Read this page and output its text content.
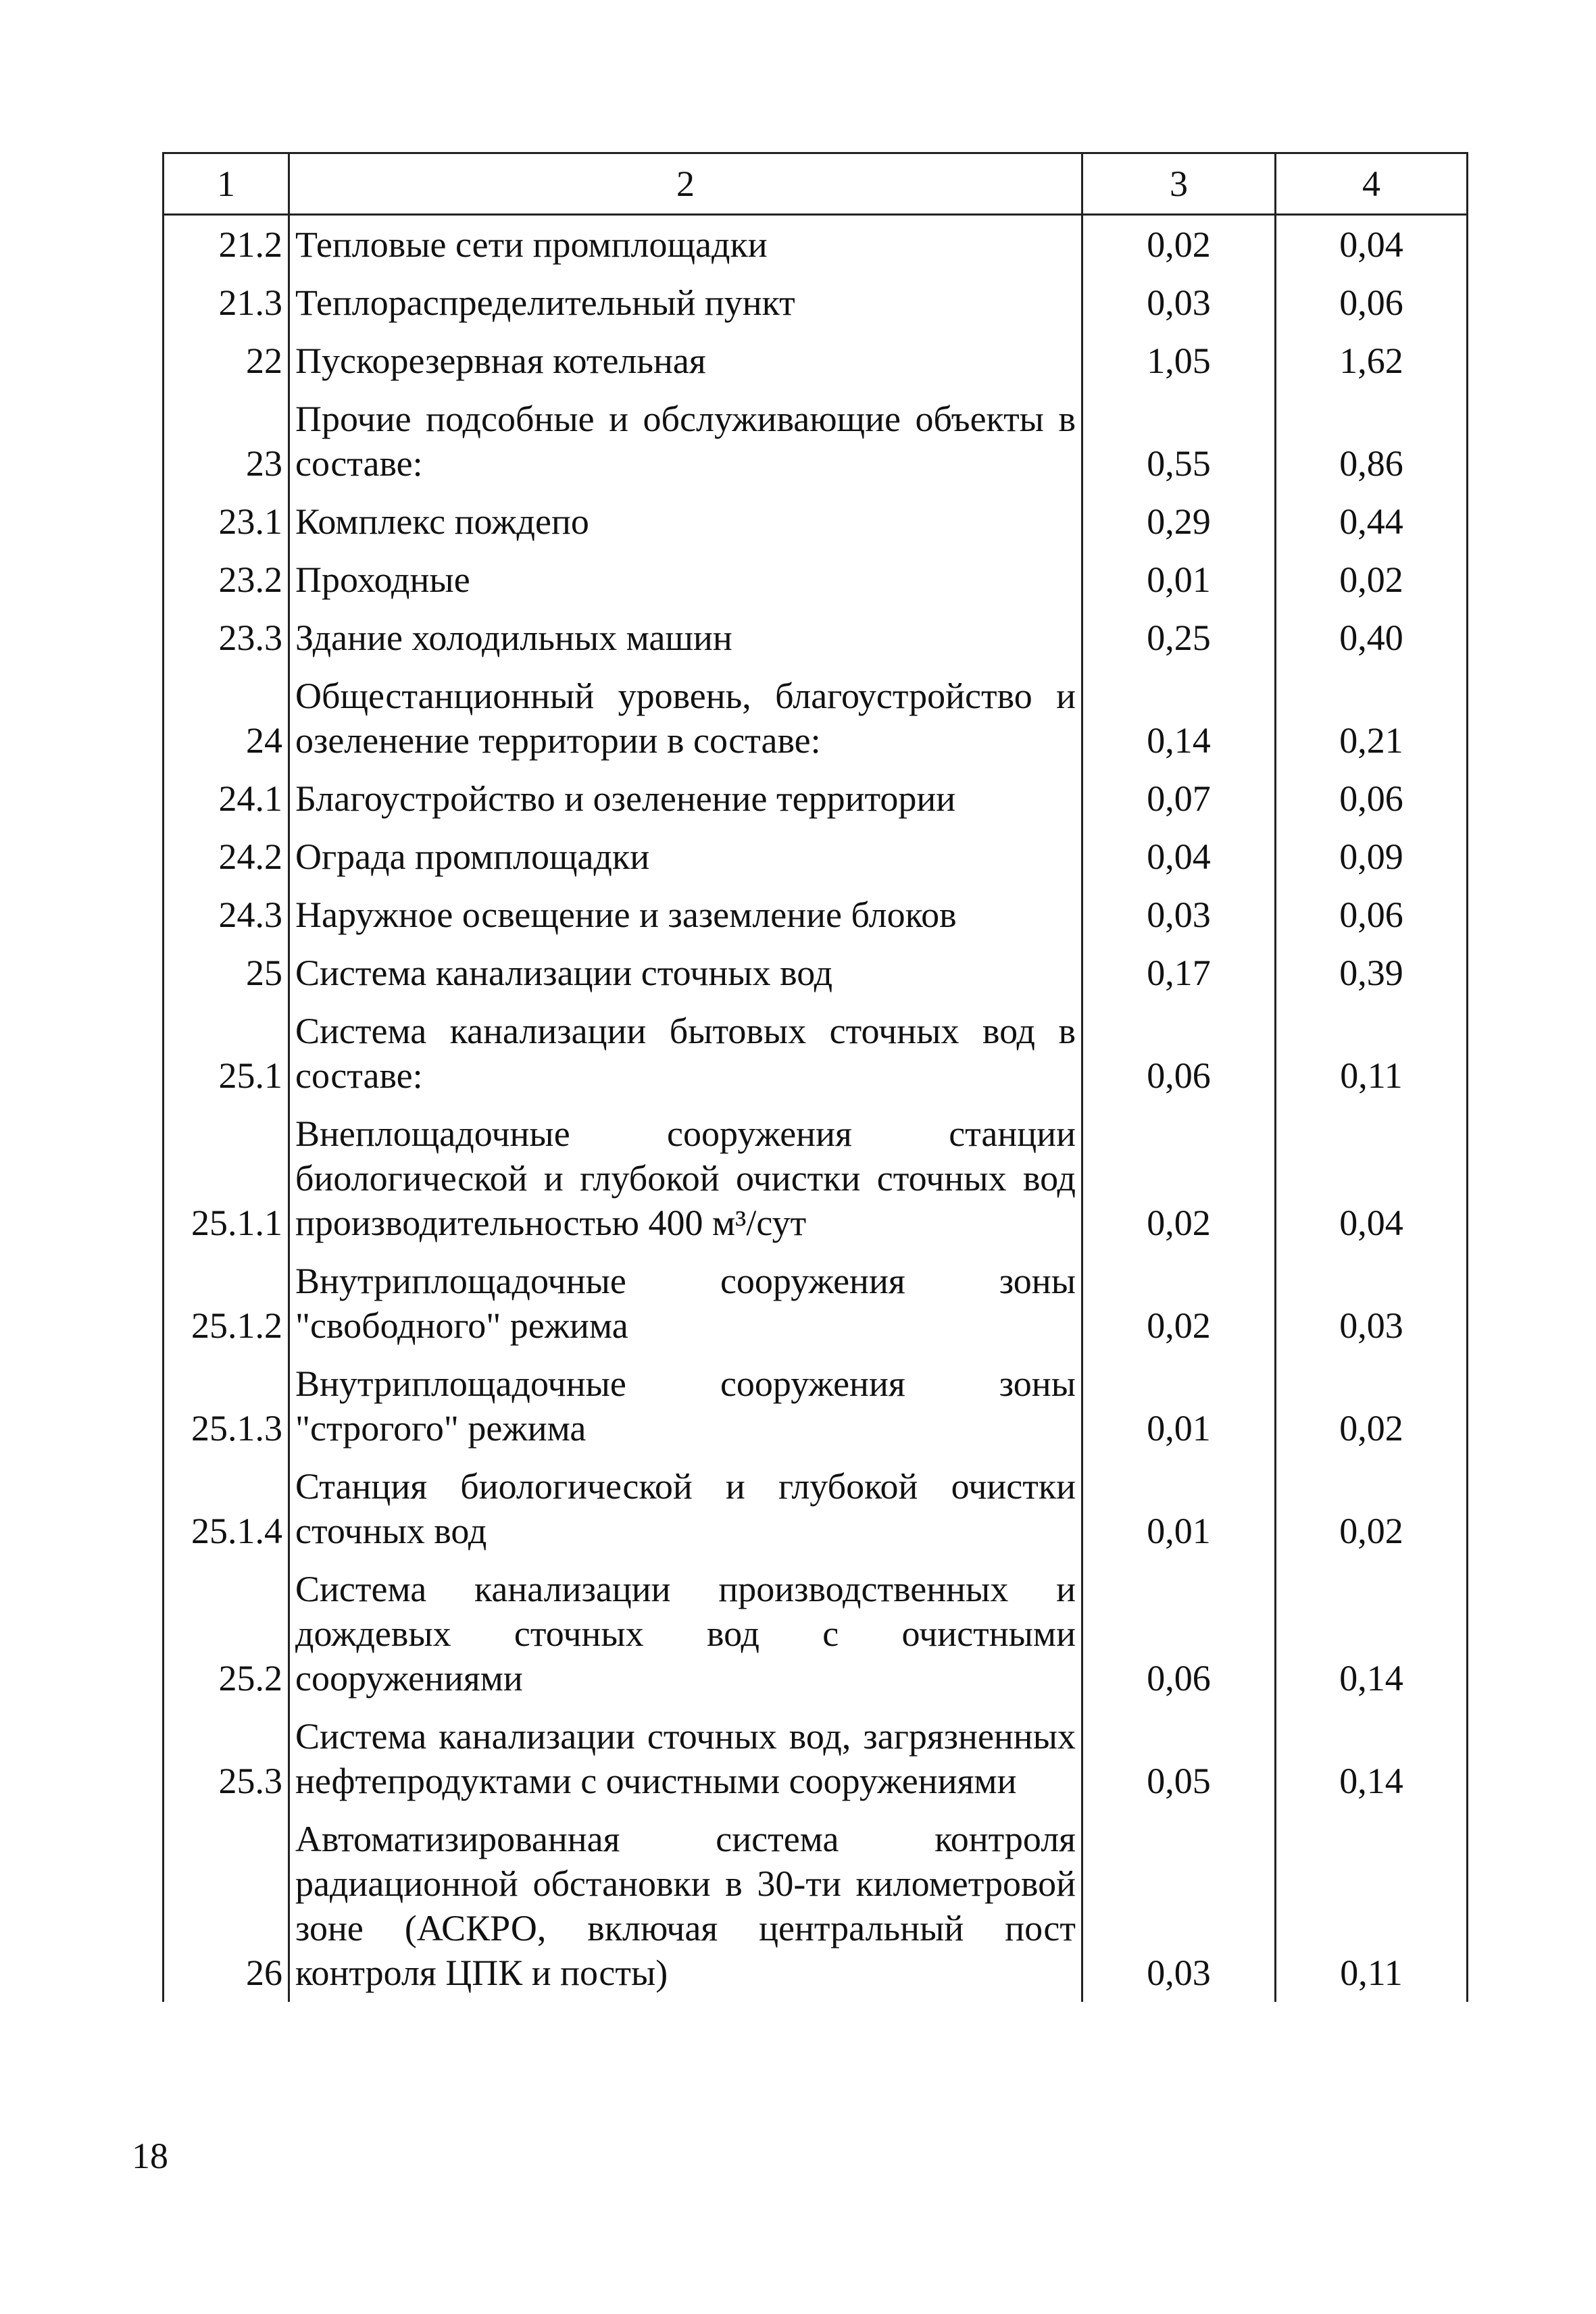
1	2	3	4
21.2	Тепловые сети промплощадки	0,02	0,04
21.3	Теплораспределительный пункт	0,03	0,06
22	Пускорезервная котельная	1,05	1,62
23	Прочие подсобные и обслуживающие объекты в составе:	0,55	0,86
23.1	Комплекс пождепо	0,29	0,44
23.2	Проходные	0,01	0,02
23.3	Здание холодильных машин	0,25	0,40
24	Общестанционный уровень, благоустройство и озеленение территории в составе:	0,14	0,21
24.1	Благоустройство и озеленение территории	0,07	0,06
24.2	Ограда промплощадки	0,04	0,09
24.3	Наружное освещение и заземление блоков	0,03	0,06
25	Система канализации сточных вод	0,17	0,39
25.1	Система канализации бытовых сточных вод в составе:	0,06	0,11
25.1.1	Внеплощадочные сооружения станции биологической и глубокой очистки сточных вод производительностью 400 м³/сут	0,02	0,04
25.1.2	Внутриплощадочные сооружения зоны "свободного" режима	0,02	0,03
25.1.3	Внутриплощадочные сооружения зоны "строгого" режима	0,01	0,02
25.1.4	Станция биологической и глубокой очистки сточных вод	0,01	0,02
25.2	Система канализации производственных и дождевых сточных вод с очистными сооружениями	0,06	0,14
25.3	Система канализации сточных вод, загрязненных нефтепродуктами с очистными сооружениями	0,05	0,14
26	Автоматизированная система контроля радиационной обстановки в 30-ти километровой зоне (АСКРО, включая центральный пост контроля ЦПК и посты)	0,03	0,11
18
